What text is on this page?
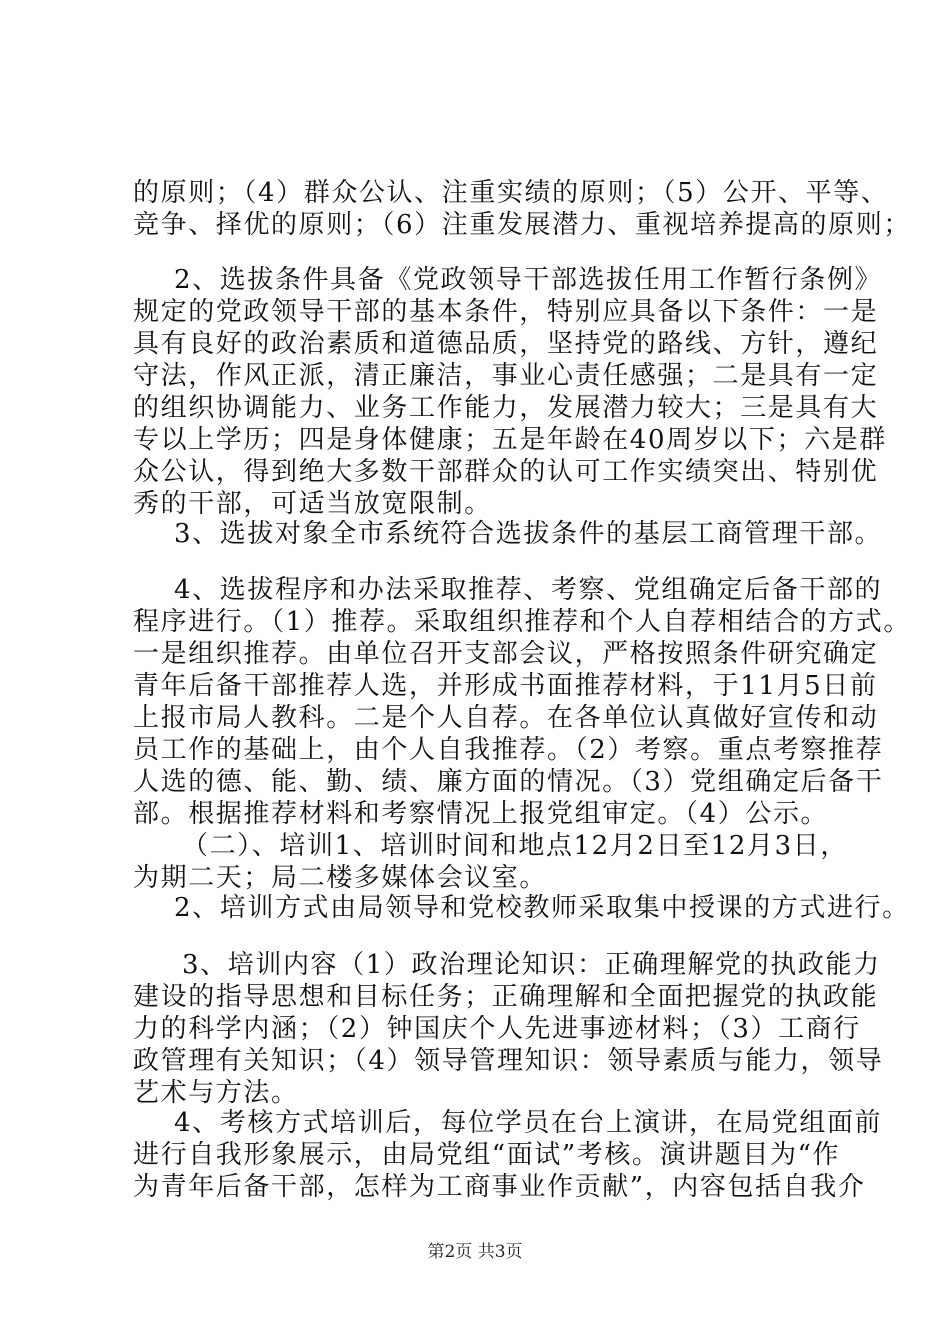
的原则；（4）群众公认、注重实绩的原则；（5）公开、平等、
竞争、择优的原则；（6）注重发展潜力、重视培养提高的原则；
2、选拔条件具备《党政领导干部选拔任用工作暂行条例》
规定的党政领导干部的基本条件，特别应具备以下条件：一是
具有良好的政治素质和道德品质，坚持党的路线、方针，遵纪
守法，作风正派，清正廉洁，事业心责任感强；二是具有一定
的组织协调能力、业务工作能力，发展潜力较大；三是具有大
专以上学历；四是身体健康；五是年龄在40周岁以下；六是群
众公认，得到绝大多数干部群众的认可工作实绩突出、特别优
秀的干部，可适当放宽限制。
3、选拔对象全市系统符合选拔条件的基层工商管理干部。
4、选拔程序和办法采取推荐、考察、党组确定后备干部的
程序进行。（1）推荐。采取组织推荐和个人自荐相结合的方式。
一是组织推荐。由单位召开支部会议，严格按照条件研究确定
青年后备干部推荐人选，并形成书面推荐材料，于11月5日前
上报市局人教科。二是个人自荐。在各单位认真做好宣传和动
员工作的基础上，由个人自我推荐。（2）考察。重点考察推荐
人选的德、能、勤、绩、廉方面的情况。（3）党组确定后备干
部。根据推荐材料和考察情况上报党组审定。（4）公示。
（二）、培训1、培训时间和地点12月2日至12月3日，
为期二天；局二楼多媒体会议室。
2、培训方式由局领导和党校教师采取集中授课的方式进行。
3、培训内容（1）政治理论知识：正确理解党的执政能力
建设的指导思想和目标任务；正确理解和全面把握党的执政能
力的科学内涵；（2）钟国庆个人先进事迹材料；（3）工商行
政管理有关知识；（4）领导管理知识：领导素质与能力，领导
艺术与方法。
4、考核方式培训后，每位学员在台上演讲，在局党组面前
进行自我形象展示，由局党组“面试”考核。演讲题目为“作
为青年后备干部，怎样为工商事业作贡献”，内容包括自我介
第2页 共3页
